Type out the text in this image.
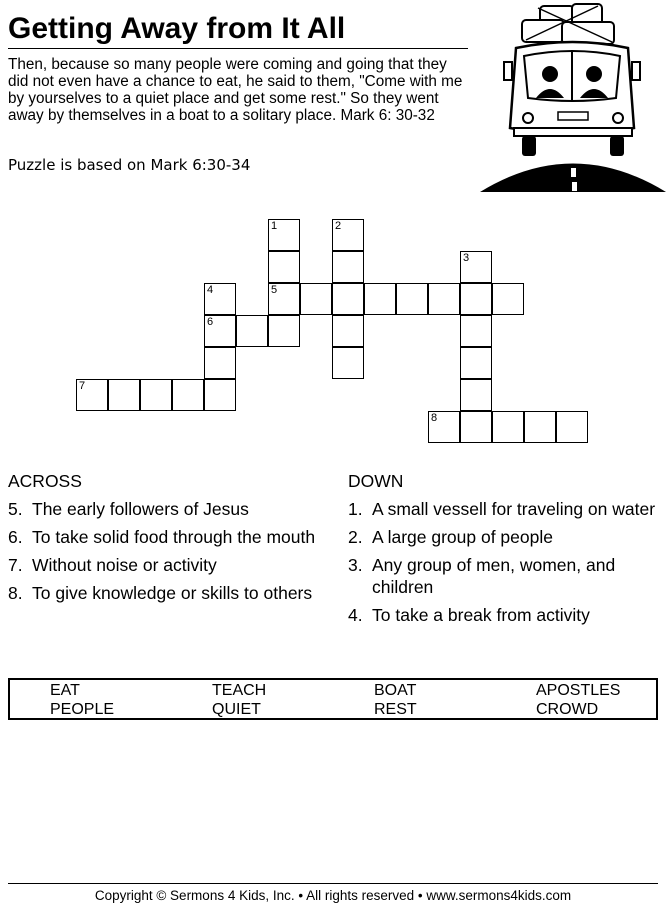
Getting Away from It All

Then, because so many people were coming and going that they did not even have a chance to eat, he said to them, "Come with me by yourselves to a quiet place and get some rest." So they went away by themselves in a boat to a solitary place. Mark 6: 30-32

Puzzle is based on Mark 6:30-34

1	2
3
4	5
6
7
8
ACROSS
5. The early followers of Jesus
6. To take solid food through the mouth
7. Without noise or activity
8. To give knowledge or skills to others
DOWN
1. A small vessell for traveling on water
2. A large group of people
3. Any group of men, women, and children
4. To take a break from activity
EAT	TEACH	BOAT	APOSTLES
PEOPLE	QUIET	REST	CROWD
Copyright © Sermons 4 Kids, Inc. • All rights reserved • www.sermons4kids.com
